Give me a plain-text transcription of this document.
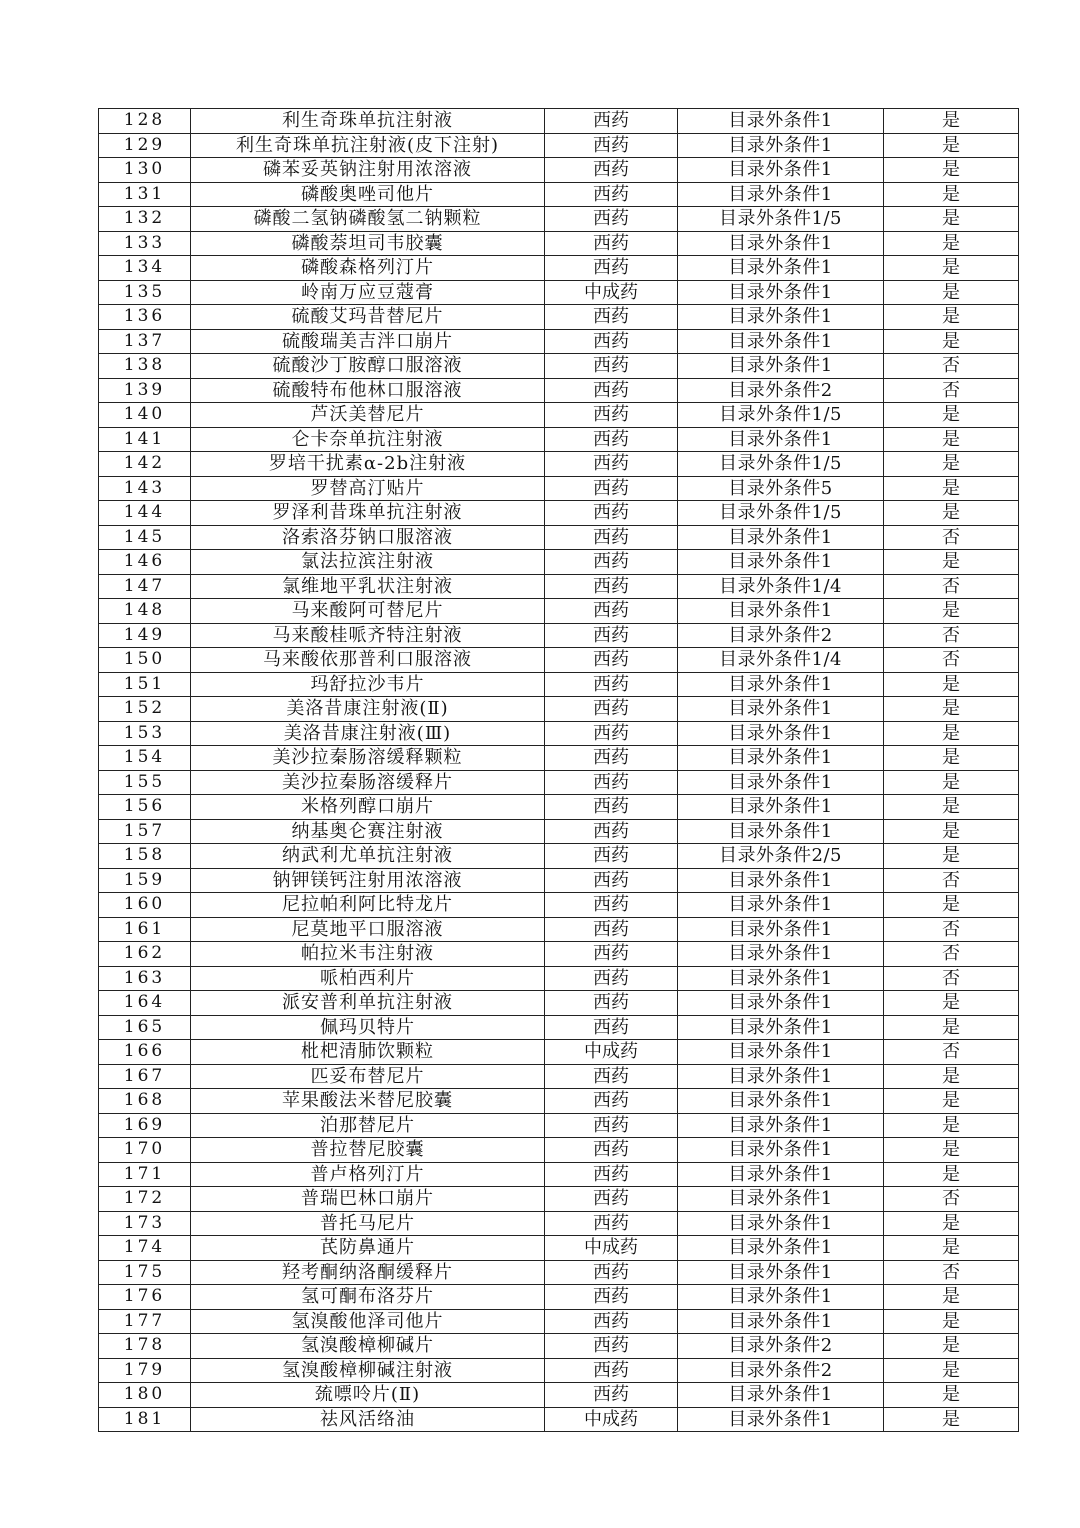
128	利生奇珠单抗注射液	西药	目录外条件1	是
129	利生奇珠单抗注射液(皮下注射)	西药	目录外条件1	是
130	磷苯妥英钠注射用浓溶液	西药	目录外条件1	是
131	磷酸奥唑司他片	西药	目录外条件1	是
132	磷酸二氢钠磷酸氢二钠颗粒	西药	目录外条件1/5	是
133	磷酸萘坦司韦胶囊	西药	目录外条件1	是
134	磷酸森格列汀片	西药	目录外条件1	是
135	岭南万应豆蔻膏	中成药	目录外条件1	是
136	硫酸艾玛昔替尼片	西药	目录外条件1	是
137	硫酸瑞美吉泮口崩片	西药	目录外条件1	是
138	硫酸沙丁胺醇口服溶液	西药	目录外条件1	否
139	硫酸特布他林口服溶液	西药	目录外条件2	否
140	芦沃美替尼片	西药	目录外条件1/5	是
141	仑卡奈单抗注射液	西药	目录外条件1	是
142	罗培干扰素α-2b注射液	西药	目录外条件1/5	是
143	罗替高汀贴片	西药	目录外条件5	是
144	罗泽利昔珠单抗注射液	西药	目录外条件1/5	是
145	洛索洛芬钠口服溶液	西药	目录外条件1	否
146	氯法拉滨注射液	西药	目录外条件1	是
147	氯维地平乳状注射液	西药	目录外条件1/4	否
148	马来酸阿可替尼片	西药	目录外条件1	是
149	马来酸桂哌齐特注射液	西药	目录外条件2	否
150	马来酸依那普利口服溶液	西药	目录外条件1/4	否
151	玛舒拉沙韦片	西药	目录外条件1	是
152	美洛昔康注射液(Ⅱ)	西药	目录外条件1	是
153	美洛昔康注射液(Ⅲ)	西药	目录外条件1	是
154	美沙拉秦肠溶缓释颗粒	西药	目录外条件1	是
155	美沙拉秦肠溶缓释片	西药	目录外条件1	是
156	米格列醇口崩片	西药	目录外条件1	是
157	纳基奥仑赛注射液	西药	目录外条件1	是
158	纳武利尤单抗注射液	西药	目录外条件2/5	是
159	钠钾镁钙注射用浓溶液	西药	目录外条件1	否
160	尼拉帕利阿比特龙片	西药	目录外条件1	是
161	尼莫地平口服溶液	西药	目录外条件1	否
162	帕拉米韦注射液	西药	目录外条件1	否
163	哌柏西利片	西药	目录外条件1	否
164	派安普利单抗注射液	西药	目录外条件1	是
165	佩玛贝特片	西药	目录外条件1	是
166	枇杷清肺饮颗粒	中成药	目录外条件1	否
167	匹妥布替尼片	西药	目录外条件1	是
168	苹果酸法米替尼胶囊	西药	目录外条件1	是
169	泊那替尼片	西药	目录外条件1	是
170	普拉替尼胶囊	西药	目录外条件1	是
171	普卢格列汀片	西药	目录外条件1	是
172	普瑞巴林口崩片	西药	目录外条件1	否
173	普托马尼片	西药	目录外条件1	是
174	芪防鼻通片	中成药	目录外条件1	是
175	羟考酮纳洛酮缓释片	西药	目录外条件1	否
176	氢可酮布洛芬片	西药	目录外条件1	是
177	氢溴酸他泽司他片	西药	目录外条件1	是
178	氢溴酸樟柳碱片	西药	目录外条件2	是
179	氢溴酸樟柳碱注射液	西药	目录外条件2	是
180	巯嘌呤片(Ⅱ)	西药	目录外条件1	是
181	祛风活络油	中成药	目录外条件1	是
